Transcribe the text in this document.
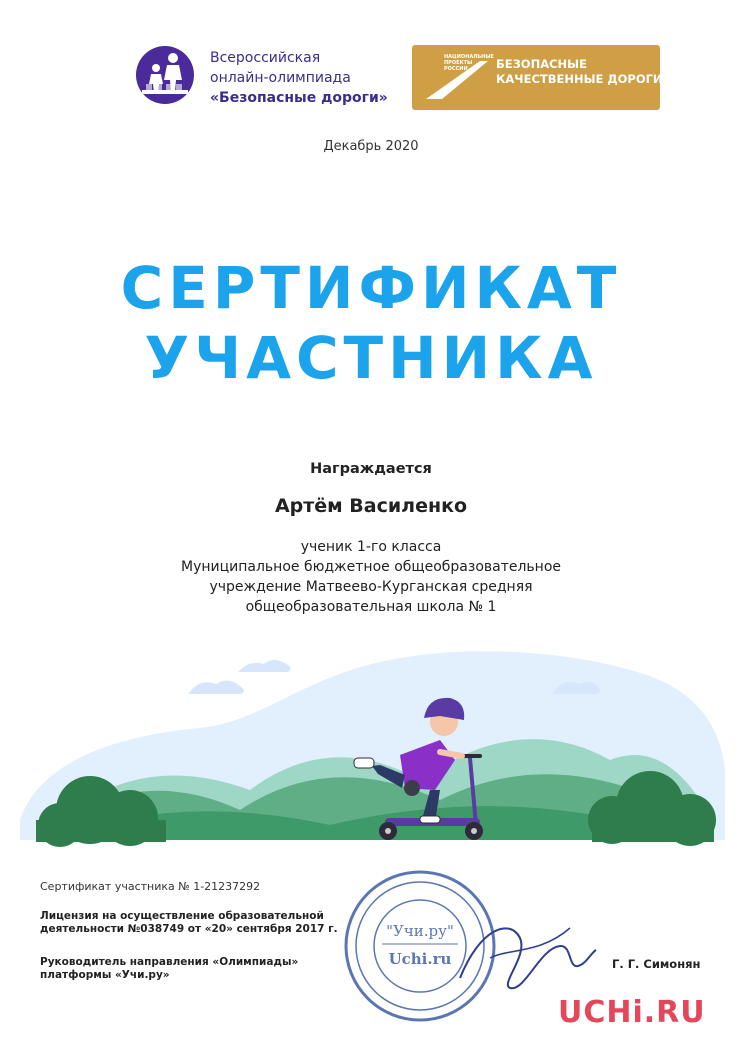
Всероссийская
онлайн-олимпиада
«Безопасные дороги»
НАЦИОНАЛЬНЫЕ ПРОЕКТЫ РОССИИ	БЕЗОПАСНЫЕ
КАЧЕСТВЕННЫЕ ДОРОГИ
Декабрь 2020
СЕРТИФИКАТ
УЧАСТНИКА
Награждается
Артём Василенко
ученик 1-го класса
Муниципальное бюджетное общеобразовательное
учреждение Матвеево-Курганская средняя
общеобразовательная школа № 1
Сертификат участника № 1-21237292
Лицензия на осуществление образовательной
деятельности №038749 от «20» сентября 2017 г.
Руководитель направления «Олимпиады»
платформы «Учи.ру»
"Учи.ру"
Uchi.ru	Г. Г. Симонян
UCHi.RU
